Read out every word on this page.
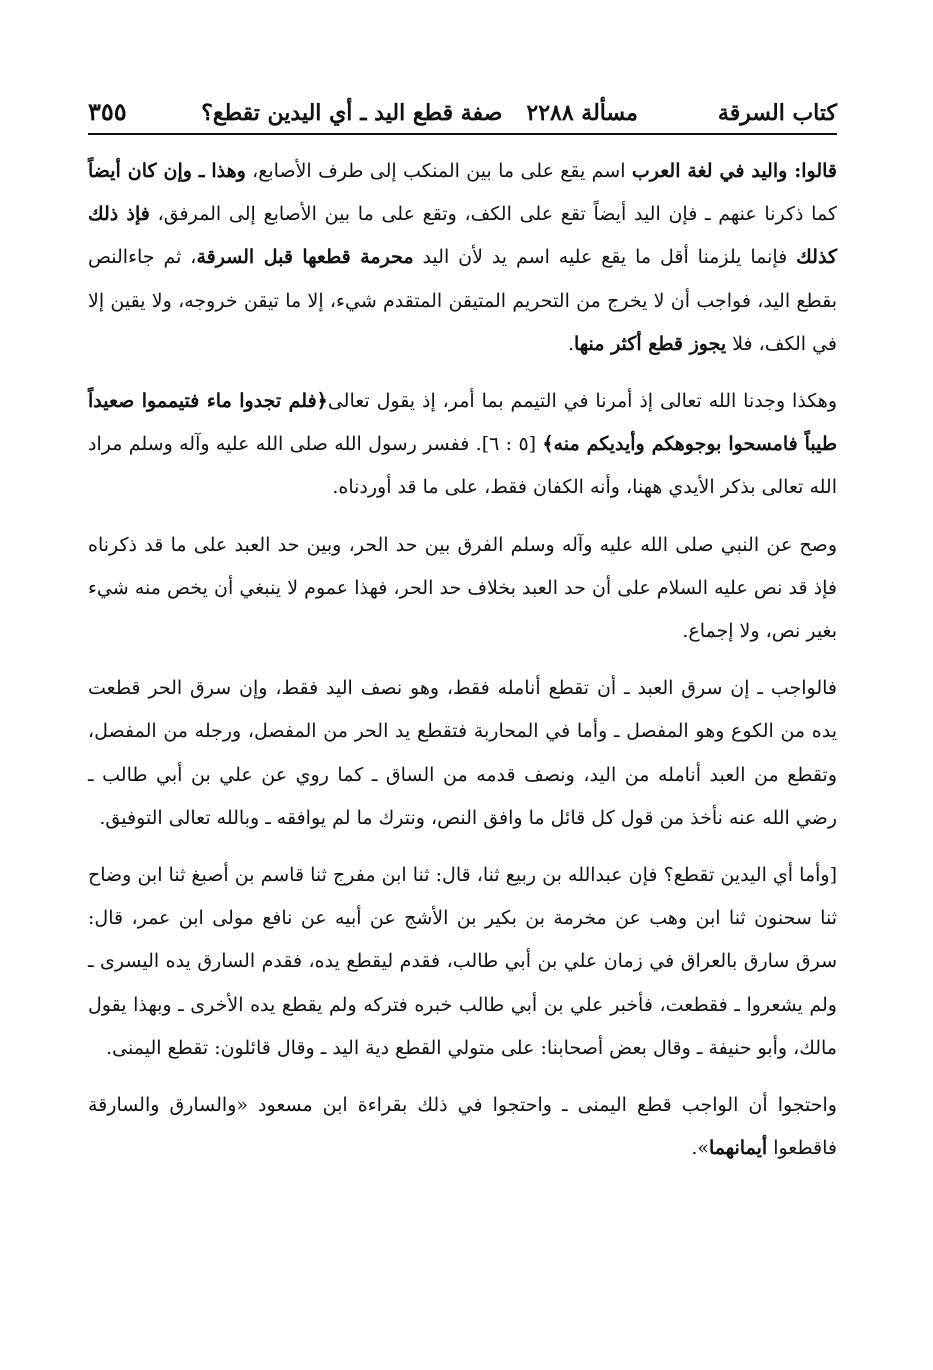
كتاب السرقة
مسألة ٢٢٨٨
صفة قطع اليد ـ أي اليدين تقطع؟
٣٥٥

قالوا: واليد في لغة العرب اسم يقع على ما بين المنكب إلى طرف الأصابع، وهذا ـ وإن كان أيضاً كما ذكرنا عنهم ـ فإن اليد أيضاً تقع على الكف، وتقع على ما بين الأصابع إلى المرفق، فإذ ذلك كذلك فإنما يلزمنا أقل ما يقع عليه اسم يد لأن اليد محرمة قطعها قبل السرقة، ثم جاءالنص بقطع اليد، فواجب أن لا يخرج من التحريم المتيقن المتقدم شيء، إلا ما تيقن خروجه، ولا يقين إلا في الكف، فلا يجوز قطع أكثر منها.

وهكذا وجدنا الله تعالى إذ أمرنا في التيمم بما أمر، إذ يقول تعالى﴿فلم تجدوا ماء فتيمموا صعيداً طيباً فامسحوا بوجوهكم وأيديكم منه﴾ [٥ : ٦]. ففسر رسول الله صلى الله عليه وآله وسلم مراد الله تعالى بذكر الأيدي ههنا، وأنه الكفان فقط، على ما قد أوردناه.

وصح عن النبي صلى الله عليه وآله وسلم الفرق بين حد الحر، وبين حد العبد على ما قد ذكرناه فإذ قد نص عليه السلام على أن حد العبد بخلاف حد الحر، فهذا عموم لا ينبغي أن يخص منه شيء بغير نص، ولا إجماع.

فالواجب ـ إن سرق العبد ـ أن تقطع أنامله فقط، وهو نصف اليد فقط، وإن سرق الحر قطعت يده من الكوع وهو المفصل ـ وأما في المحاربة فتقطع يد الحر من المفصل، ورجله من المفصل، وتقطع من العبد أنامله من اليد، ونصف قدمه من الساق ـ كما روي عن علي بن أبي طالب ـ رضي الله عنه نأخذ من قول كل قائل ما وافق النص، ونترك ما لم يوافقه ـ وبالله تعالى التوفيق.

[وأما أي اليدين تقطع؟ فإن عبدالله بن ربيع ثنا، قال: ثنا ابن مفرج ثنا قاسم بن أصبغ ثنا ابن وضاح ثنا سحنون ثنا ابن وهب عن مخرمة بن بكير بن الأشج عن أبيه عن نافع مولى ابن عمر، قال: سرق سارق بالعراق في زمان علي بن أبي طالب، فقدم ليقطع يده، فقدم السارق يده اليسرى ـ ولم يشعروا ـ فقطعت، فأخبر علي بن أبي طالب خبره فتركه ولم يقطع يده الأخرى ـ وبهذا يقول مالك، وأبو حنيفة ـ وقال بعض أصحابنا: على متولي القطع دية اليد ـ وقال قائلون: تقطع اليمنى.

واحتجوا أن الواجب قطع اليمنى ـ واحتجوا في ذلك بقراءة ابن مسعود «والسارق والسارقة فاقطعوا أيمانهما».
